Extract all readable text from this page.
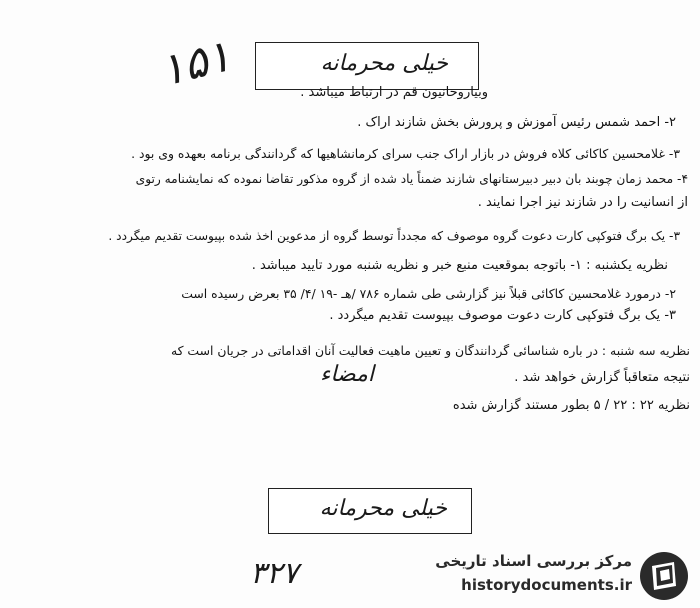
۱۵۱	خیلی محرمانه
وبیاروحانیون قم در ارتباط میباشد .
۲- احمد شمس رئیس آموزش و پرورش بخش شازند اراک .
۳- غلامحسین کاکائی کلاه فروش در بازار اراک جنب سرای کرمانشاهیها که گردانندگی برنامه بعهده وی بود .
۴- محمد زمان چوبند بان دبیر دبیرستانهای شازند ضمناً یاد شده از گروه مذکور تقاضا نموده که نمایشنامه رتوی
از انسانیت را در شازند نیز اجرا نمایند .
۳- یک برگ فتوکپی کارت دعوت گروه موصوف که مجدداً توسط گروه از مدعوین اخذ شده بپیوست تقدیم میگردد .
نظریه یکشنبه : ۱- باتوجه بموقعیت منبع خبر و نظریه شنبه مورد تایید میباشد .
۲- درمورد غلامحسین کاکائی قبلاً نیز گزارشی طی شماره ۷۸۶ /هـ -۱۹ /۴/ ۳۵ بعرض رسیده است
۳- یک برگ فتوکپی کارت دعوت موصوف بپیوست تقدیم میگردد .
نظریه سه شنبه : در باره شناسائی گردانندگان و تعیین ماهیت فعالیت آنان اقداماتی در جریان است که
نتیجه متعاقباً گزارش خواهد شد .
نظریه ۲۲ : ۲۲ / ۵ بطور مستند گزارش شده
امضاء
خیلی محرمانه
۳۲۷	مرکز بررسی اسناد تاریخی
historydocuments.ir
